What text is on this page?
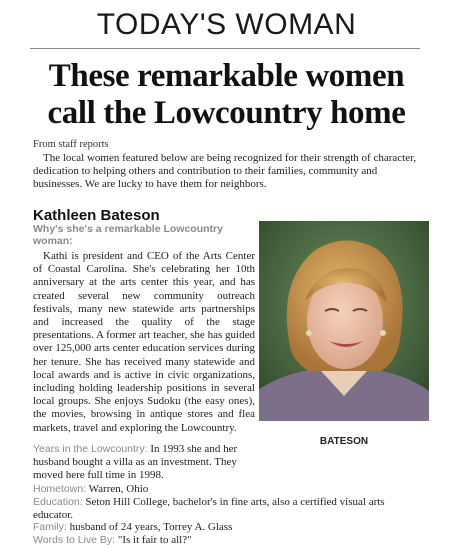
TODAY'S WOMAN
These remarkable women
call the Lowcountry home
From staff reports

The local women featured below are being recognized for their strength of character, dedication to helping others and contribution to their families, community and businesses. We are lucky to have them for neighbors.

Kathleen Bateson
Why's she's a remarkable Lowcountry woman:

Kathi is president and CEO of the Arts Center of Coastal Carolina. She's celebrating her 10th anniversary at the arts center this year, and has created several new community outreach festivals, many new statewide arts partnerships and increased the quality of the stage presentations. A former art teacher, she has guided over 125,000 arts center education services during her tenure. She has received many statewide and local awards and is active in civic organizations, including holding leadership positions in several local groups. She enjoys Sudoku (the easy ones), the movies, browsing in antique stores and flea markets, travel and exploring the Lowcountry.

Years in the Lowcountry: In 1993 she and her husband bought a villa as an investment. They moved here full time in 1998.
Hometown: Warren, Ohio
Education: Seton Hill College, bachelor's in fine arts, also a certified visual arts educator.
Family: husband of 24 years, Torrey A. Glass
Words to Live By: "Is it fair to all?"
BATESON
